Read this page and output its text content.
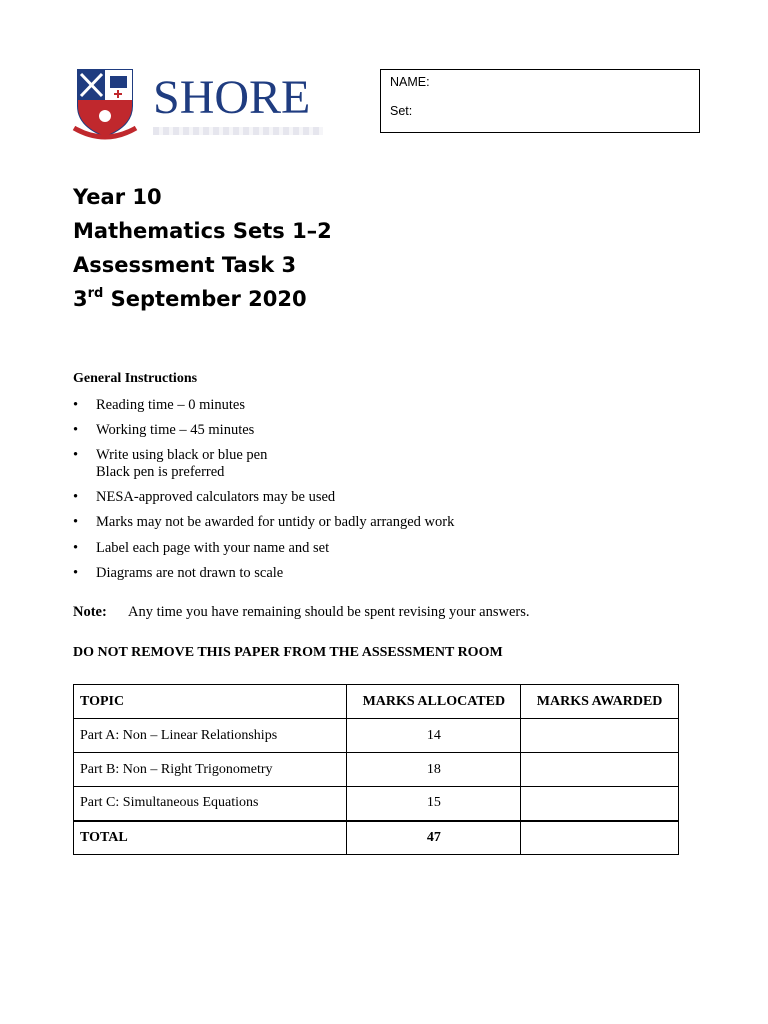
SHORE	NAME:
Set:
Year 10
Mathematics Sets 1–2
Assessment Task 3
3rd September 2020
General Instructions
• Reading time – 0 minutes
• Working time – 45 minutes
• Write using black or blue pen
Black pen is preferred
• NESA-approved calculators may be used
• Marks may not be awarded for untidy or badly arranged work
• Label each page with your name and set
• Diagrams are not drawn to scale
Note: Any time you have remaining should be spent revising your answers.
DO NOT REMOVE THIS PAPER FROM THE ASSESSMENT ROOM
TOPIC	MARKS ALLOCATED	MARKS AWARDED
Part A: Non – Linear Relationships	14	
Part B: Non – Right Trigonometry	18	
Part C: Simultaneous Equations	15	
TOTAL	47	
